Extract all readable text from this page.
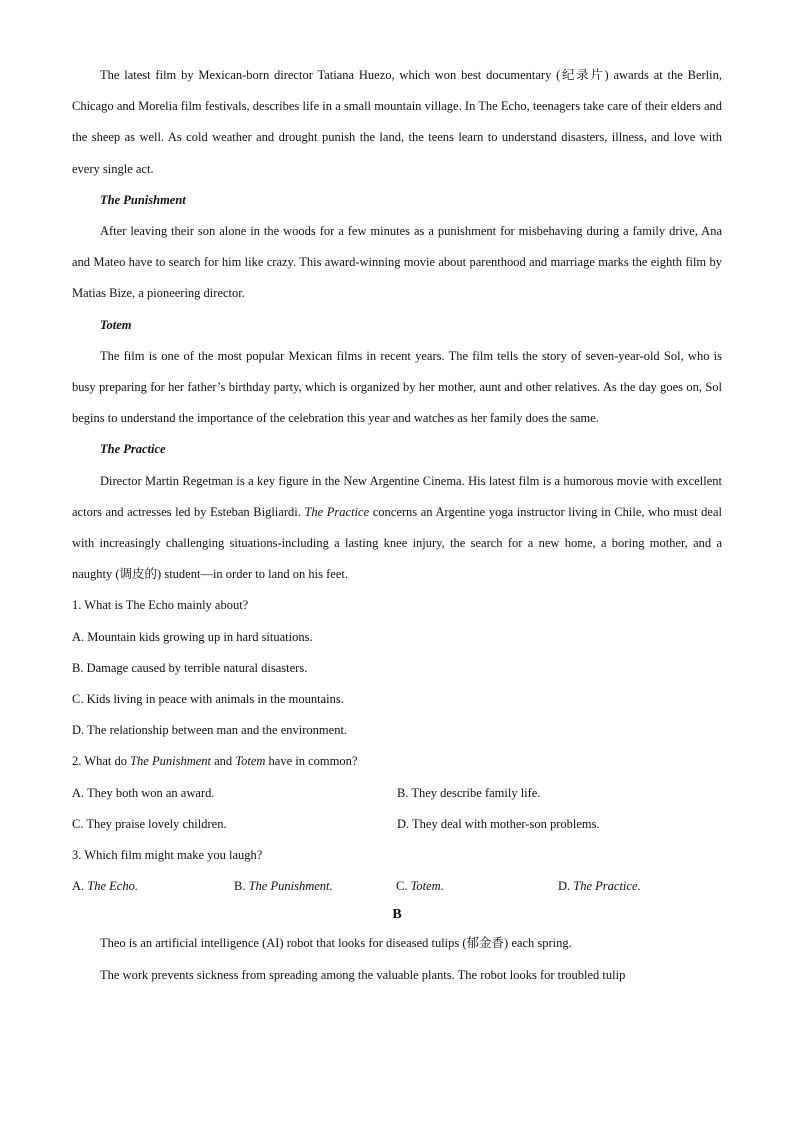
The latest film by Mexican-born director Tatiana Huezo, which won best documentary (纪录片) awards at the Berlin, Chicago and Morelia film festivals, describes life in a small mountain village. In The Echo, teenagers take care of their elders and the sheep as well. As cold weather and drought punish the land, the teens learn to understand disasters, illness, and love with every single act.

The Punishment

After leaving their son alone in the woods for a few minutes as a punishment for misbehaving during a family drive, Ana and Mateo have to search for him like crazy. This award-winning movie about parenthood and marriage marks the eighth film by Matias Bize, a pioneering director.

Totem

The film is one of the most popular Mexican films in recent years. The film tells the story of seven-year-old Sol, who is busy preparing for her father’s birthday party, which is organized by her mother, aunt and other relatives. As the day goes on, Sol begins to understand the importance of the celebration this year and watches as her family does the same.

The Practice

Director Martin Regetman is a key figure in the New Argentine Cinema. His latest film is a humorous movie with excellent actors and actresses led by Esteban Bigliardi. The Practice concerns an Argentine yoga instructor living in Chile, who must deal with increasingly challenging situations-including a lasting knee injury, the search for a new home, a boring mother, and a naughty (调皮的) student—in order to land on his feet.

1. What is The Echo mainly about?

A. Mountain kids growing up in hard situations.

B. Damage caused by terrible natural disasters.

C. Kids living in peace with animals in the mountains.

D. The relationship between man and the environment.

2. What do The Punishment and Totem have in common?

A. They both won an award.	B. They describe family life.
C. They praise lovely children.	D. They deal with mother-son problems.

3. Which film might make you laugh?

A. The Echo.	B. The Punishment.	C. Totem.	D. The Practice.

B

Theo is an artificial intelligence (AI) robot that looks for diseased tulips (郁金香) each spring.

The work prevents sickness from spreading among the valuable plants. The robot looks for troubled tulip
